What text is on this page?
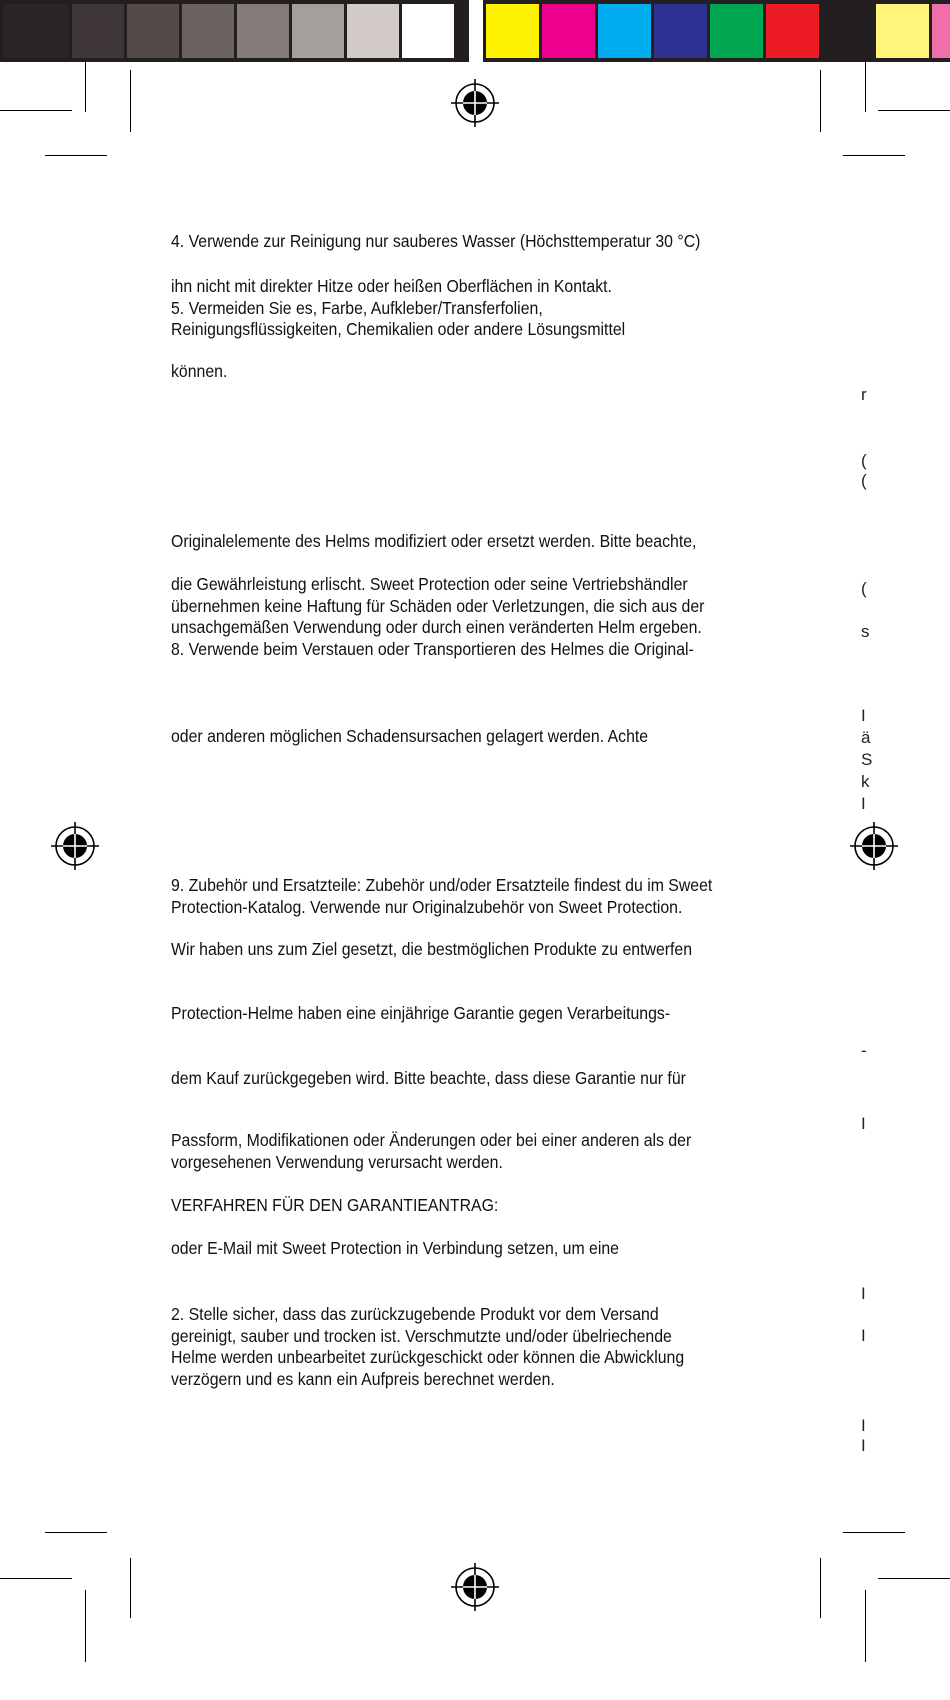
4. Verwende zur Reinigung nur sauberes Wasser (Höchsttemperatur 30 °C)
ihn nicht mit direkter Hitze oder heißen Oberflächen in Kontakt.
5. Vermeiden Sie es, Farbe, Aufkleber/Transferfolien,
Reinigungsflüssigkeiten, Chemikalien oder andere Lösungsmittel
können.
Originalelemente des Helms modifiziert oder ersetzt werden. Bitte beachte,
die Gewährleistung erlischt. Sweet Protection oder seine Vertriebshändler
übernehmen keine Haftung für Schäden oder Verletzungen, die sich aus der
unsachgemäßen Verwendung oder durch einen veränderten Helm ergeben.
8. Verwende beim Verstauen oder Transportieren des Helmes die Original-
oder anderen möglichen Schadensursachen gelagert werden. Achte
9. Zubehör und Ersatzteile: Zubehör und/oder Ersatzteile findest du im Sweet
Protection-Katalog. Verwende nur Originalzubehör von Sweet Protection.
Wir haben uns zum Ziel gesetzt, die bestmöglichen Produkte zu entwerfen
Protection-Helme haben eine einjährige Garantie gegen Verarbeitungs-
dem Kauf zurückgegeben wird. Bitte beachte, dass diese Garantie nur für
Passform, Modifikationen oder Änderungen oder bei einer anderen als der
vorgesehenen Verwendung verursacht werden.
VERFAHREN FÜR DEN GARANTIEANTRAG:
oder E-Mail mit Sweet Protection in Verbindung setzen, um eine
2. Stelle sicher, dass das zurückzugebende Produkt vor dem Versand
gereinigt, sauber und trocken ist. Verschmutzte und/oder übelriechende
Helme werden unbearbeitet zurückgeschickt oder können die Abwicklung
verzögern und es kann ein Aufpreis berechnet werden.
r
(
(
(
s
I
ä
S
k
I
-
I
I
I
I
I
